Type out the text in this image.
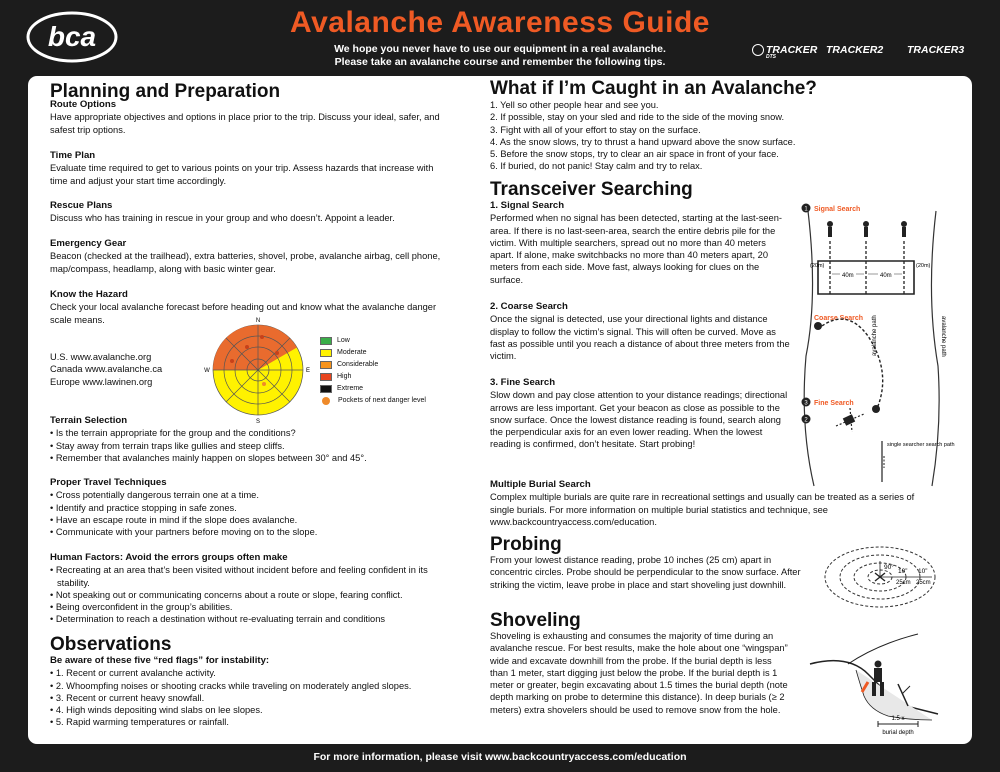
bca	Avalanche Awareness Guide
We hope you never have to use our equipment in a real avalanche.
Please take an avalanche course and remember the following tips.
TRACKER
DTS
TRACKER2 TRACKER3
Planning and Preparation
Route Options

Have appropriate objectives and options in place prior to the trip. Discuss your ideal, safer, and safest trip options.

Time Plan

Evaluate time required to get to various points on your trip. Assess hazards that increase with time and adjust your start time accordingly.

Rescue Plans

Discuss who has training in rescue in your group and who doesn’t. Appoint a leader.

Emergency Gear

Beacon (checked at the trailhead), extra batteries, shovel, probe, avalanche airbag, cell phone, map/compass, headlamp, along with basic winter gear.

Know the Hazard

Check your local avalanche forecast before heading out and know what the avalanche danger scale means.

U.S. www.avalanche.org

Canada www.avalanche.ca

Europe www.lawinen.org

N
E
S
W
Low
Moderate
Considerable
High
Extreme
Pockets of next danger level
Terrain Selection
• Is the terrain appropriate for the group and the conditions?
• Stay away from terrain traps like gullies and steep cliffs.
• Remember that avalanches mainly happen on slopes between 30° and 45°.
Proper Travel Techniques
• Cross potentially dangerous terrain one at a time.
• Identify and practice stopping in safe zones.
• Have an escape route in mind if the slope does avalanche.
• Communicate with your partners before moving on to the slope.
Human Factors: Avoid the errors groups often make
• Recreating at an area that’s been visited without incident before and feeling confident in its stability.
• Not speaking out or communicating concerns about a route or slope, fearing conflict.
• Being overconfident in the group’s abilities.
• Determination to reach a destination without re-evaluating terrain and conditions
Observations
Be aware of these five “red flags” for instability:
• 1. Recent or current avalanche activity.
• 2. Whoompfing noises or shooting cracks while traveling on moderately angled slopes.
• 3. Recent or current heavy snowfall.
• 4. High winds depositing wind slabs on lee slopes.
• 5. Rapid warming temperatures or rainfall.
What if I’m Caught in an Avalanche?

1. Yell so other people hear and see you.

2. If possible, stay on your sled and ride to the side of the moving snow.

3. Fight with all of your effort to stay on the surface.

4. As the snow slows, try to thrust a hand upward above the snow surface.

5. Before the snow stops, try to clear an air space in front of your face.

6. If buried, do not panic! Stay calm and try to relax.

Transceiver Searching
1. Signal Search

Performed when no signal has been detected, starting at the last-seen-area. If there is no last-seen-area, search the entire debris pile for the victim. With multiple searchers, spread out no more than 40 meters apart. If alone, make switchbacks no more than 40 meters apart, 20 meters from each side. Move fast, always looking for clues on the surface.

2. Coarse Search

Once the signal is detected, use your directional lights and distance display to follow the victim’s signal. This will often be curved. Move as fast as possible until you reach a distance of about three meters from the victim.

3. Fine Search

Slow down and pay close attention to your distance readings; directional arrows are less important. Get your beacon as close as possible to the snow surface. Once the lowest distance reading is found, search along the perpendicular axis for an even lower reading. When the lowest reading is confirmed, don’t hesitate. Start probing!

1 Signal Search
(20m)	(20m)
40m	40m
2
Coarse Search
3 Fine Search
avalanche path	avalanche path
single searcher search path
Multiple Burial Search

Complex multiple burials are quite rare in recreational settings and usually can be treated as a series of single burials. For more information on multiple burial statistics and technique, see www.backcountryaccess.com/education.

Probing

From your lowest distance reading, probe 10 inches (25 cm) apart in concentric circles. Probe should be perpendicular to the snow surface. After striking the victim, leave probe in place and start shoveling just downhill.

90°
10” 10”
25cm 25cm
Shoveling

Shoveling is exhausting and consumes the majority of time during an avalanche rescue. For best results, make the hole about one “wingspan” wide and excavate downhill from the probe. If the burial depth is less than 1 meter, start digging just below the probe. If the burial depth is 1 meter or greater, begin excavating about 1.5 times the burial depth (note depth marking on probe to determine this distance). In deep burials (≥ 2 meters) extra shovelers should be used to remove snow from the hole.

1.5 x
burial depth
For more information, please visit www.backcountryaccess.com/education
